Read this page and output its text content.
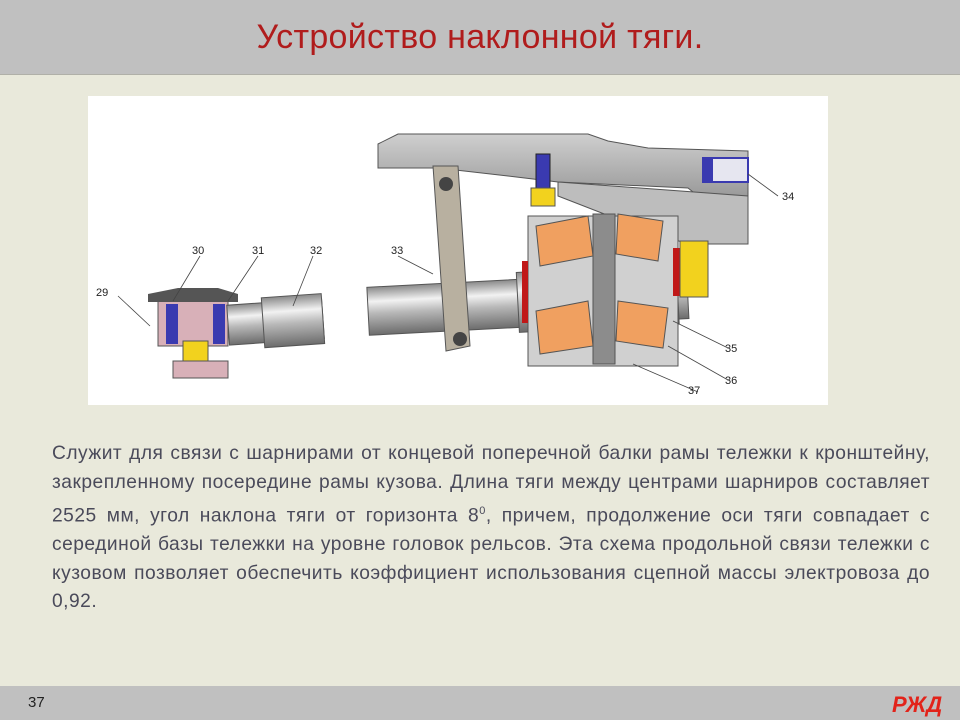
Устройство наклонной тяги.
30	31	32
29
33
34
35
36
37

Служит для связи с шарнирами от концевой поперечной балки рамы тележки к кронштейну, закрепленному посередине рамы кузова. Длина тяги между центрами шарниров составляет 2525 мм, угол наклона тяги от горизонта $8^0$, причем, продолжение оси тяги совпадает с серединой базы тележки на уровне головок рельсов. Эта схема продольной связи тележки с кузовом позволяет обеспечить коэффициент использования сцепной массы электровоза до 0,92.

37	РЖД
